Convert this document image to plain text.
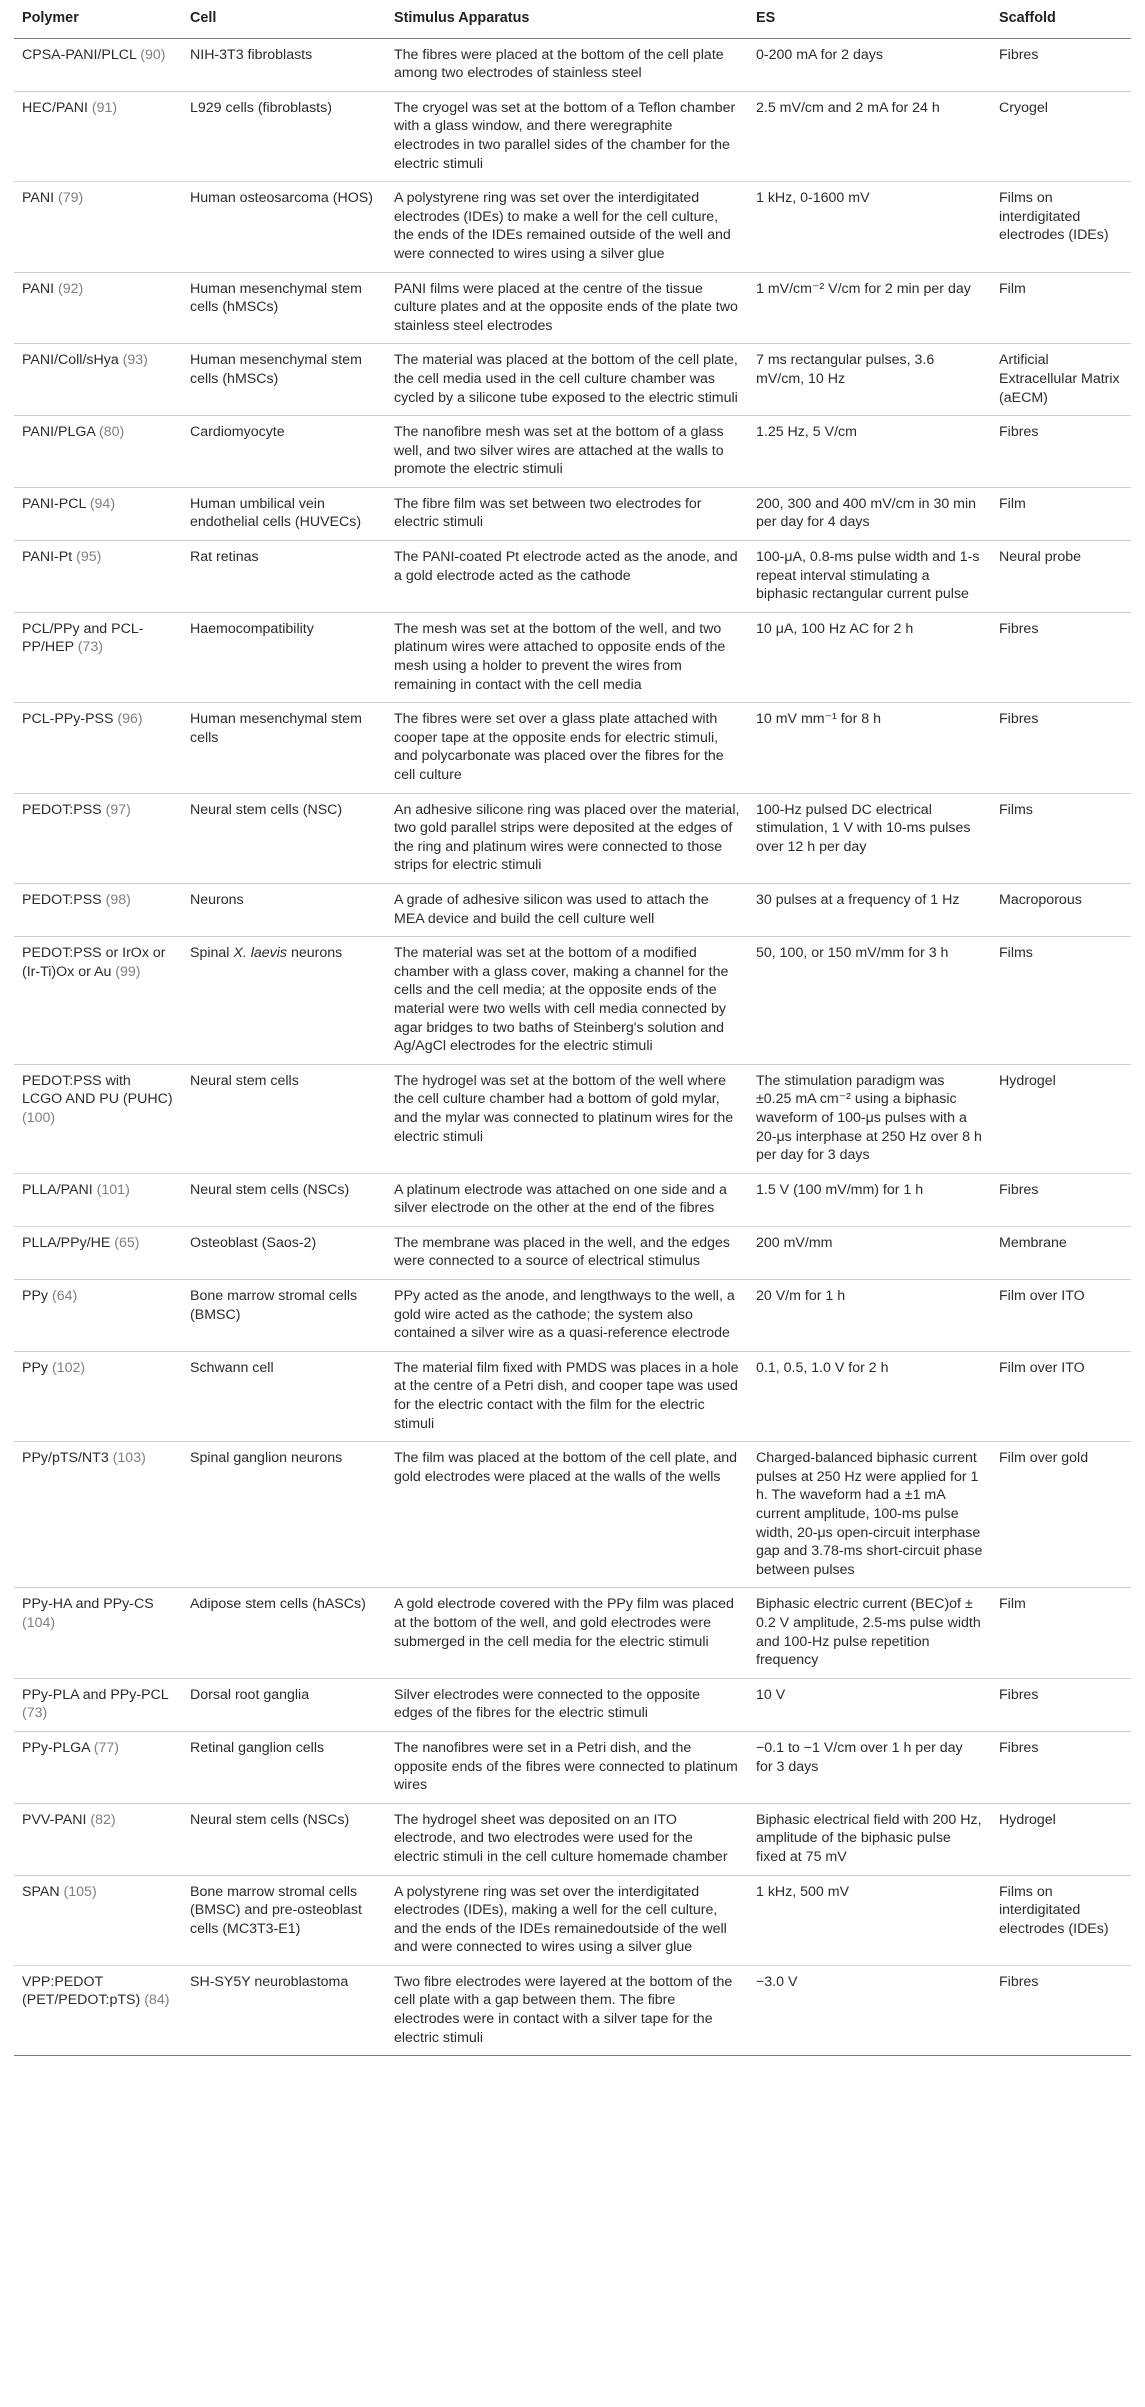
Polymer	Cell	Stimulus Apparatus	ES	Scaffold
CPSA-PANI/PLCL (90)	NIH-3T3 fibroblasts	The fibres were placed at the bottom of the cell plate among two electrodes of stainless steel	0-200 mA for 2 days	Fibres
HEC/PANI (91)	L929 cells (fibroblasts)	The cryogel was set at the bottom of a Teflon chamber with a glass window, and there weregraphite electrodes in two parallel sides of the chamber for the electric stimuli	2.5 mV/cm and 2 mA for 24 h	Cryogel
PANI (79)	Human osteosarcoma (HOS)	A polystyrene ring was set over the interdigitated electrodes (IDEs) to make a well for the cell culture, the ends of the IDEs remained outside of the well and were connected to wires using a silver glue	1 kHz, 0-1600 mV	Films on interdigitated electrodes (IDEs)
PANI (92)	Human mesenchymal stem cells (hMSCs)	PANI films were placed at the centre of the tissue culture plates and at the opposite ends of the plate two stainless steel electrodes	1 mV/cm⁻² V/cm for 2 min per day	Film
PANI/Coll/sHya (93)	Human mesenchymal stem cells (hMSCs)	The material was placed at the bottom of the cell plate, the cell media used in the cell culture chamber was cycled by a silicone tube exposed to the electric stimuli	7 ms rectangular pulses, 3.6 mV/cm, 10 Hz	Artificial Extracellular Matrix (aECM)
PANI/PLGA (80)	Cardiomyocyte	The nanofibre mesh was set at the bottom of a glass well, and two silver wires are attached at the walls to promote the electric stimuli	1.25 Hz, 5 V/cm	Fibres
PANI-PCL (94)	Human umbilical vein endothelial cells (HUVECs)	The fibre film was set between two electrodes for electric stimuli	200, 300 and 400 mV/cm in 30 min per day for 4 days	Film
PANI-Pt (95)	Rat retinas	The PANI-coated Pt electrode acted as the anode, and a gold electrode acted as the cathode	100-μA, 0.8-ms pulse width and 1-s repeat interval stimulating a biphasic rectangular current pulse	Neural probe
PCL/PPy and PCL-PP/HEP (73)	Haemocompatibility	The mesh was set at the bottom of the well, and two platinum wires were attached to opposite ends of the mesh using a holder to prevent the wires from remaining in contact with the cell media	10 μA, 100 Hz AC for 2 h	Fibres
PCL-PPy-PSS (96)	Human mesenchymal stem cells	The fibres were set over a glass plate attached with cooper tape at the opposite ends for electric stimuli, and polycarbonate was placed over the fibres for the cell culture	10 mV mm⁻¹ for 8 h	Fibres
PEDOT:PSS (97)	Neural stem cells (NSC)	An adhesive silicone ring was placed over the material, two gold parallel strips were deposited at the edges of the ring and platinum wires were connected to those strips for electric stimuli	100-Hz pulsed DC electrical stimulation, 1 V with 10-ms pulses over 12 h per day	Films
PEDOT:PSS (98)	Neurons	A grade of adhesive silicon was used to attach the MEA device and build the cell culture well	30 pulses at a frequency of 1 Hz	Macroporous
PEDOT:PSS or IrOx or (Ir-Ti)Ox or Au (99)	Spinal X. laevis neurons	The material was set at the bottom of a modified chamber with a glass cover, making a channel for the cells and the cell media; at the opposite ends of the material were two wells with cell media connected by agar bridges to two baths of Steinberg's solution and Ag/AgCl electrodes for the electric stimuli	50, 100, or 150 mV/mm for 3 h	Films
PEDOT:PSS with LCGO AND PU (PUHC) (100)	Neural stem cells	The hydrogel was set at the bottom of the well where the cell culture chamber had a bottom of gold mylar, and the mylar was connected to platinum wires for the electric stimuli	The stimulation paradigm was ±0.25 mA cm⁻² using a biphasic waveform of 100-μs pulses with a 20-μs interphase at 250 Hz over 8 h per day for 3 days	Hydrogel
PLLA/PANI (101)	Neural stem cells (NSCs)	A platinum electrode was attached on one side and a silver electrode on the other at the end of the fibres	1.5 V (100 mV/mm) for 1 h	Fibres
PLLA/PPy/HE (65)	Osteoblast (Saos-2)	The membrane was placed in the well, and the edges were connected to a source of electrical stimulus	200 mV/mm	Membrane
PPy (64)	Bone marrow stromal cells (BMSC)	PPy acted as the anode, and lengthways to the well, a gold wire acted as the cathode; the system also contained a silver wire as a quasi-reference electrode	20 V/m for 1 h	Film over ITO
PPy (102)	Schwann cell	The material film fixed with PMDS was places in a hole at the centre of a Petri dish, and cooper tape was used for the electric contact with the film for the electric stimuli	0.1, 0.5, 1.0 V for 2 h	Film over ITO
PPy/pTS/NT3 (103)	Spinal ganglion neurons	The film was placed at the bottom of the cell plate, and gold electrodes were placed at the walls of the wells	Charged-balanced biphasic current pulses at 250 Hz were applied for 1 h. The waveform had a ±1 mA current amplitude, 100-ms pulse width, 20-μs open-circuit interphase gap and 3.78-ms short-circuit phase between pulses	Film over gold
PPy-HA and PPy-CS (104)	Adipose stem cells (hASCs)	A gold electrode covered with the PPy film was placed at the bottom of the well, and gold electrodes were submerged in the cell media for the electric stimuli	Biphasic electric current (BEC)of ± 0.2 V amplitude, 2.5-ms pulse width and 100-Hz pulse repetition frequency	Film
PPy-PLA and PPy-PCL (73)	Dorsal root ganglia	Silver electrodes were connected to the opposite edges of the fibres for the electric stimuli	10 V	Fibres
PPy-PLGA (77)	Retinal ganglion cells	The nanofibres were set in a Petri dish, and the opposite ends of the fibres were connected to platinum wires	−0.1 to −1 V/cm over 1 h per day for 3 days	Fibres
PVV-PANI (82)	Neural stem cells (NSCs)	The hydrogel sheet was deposited on an ITO electrode, and two electrodes were used for the electric stimuli in the cell culture homemade chamber	Biphasic electrical field with 200 Hz, amplitude of the biphasic pulse fixed at 75 mV	Hydrogel
SPAN (105)	Bone marrow stromal cells (BMSC) and pre-osteoblast cells (MC3T3-E1)	A polystyrene ring was set over the interdigitated electrodes (IDEs), making a well for the cell culture, and the ends of the IDEs remainedoutside of the well and were connected to wires using a silver glue	1 kHz, 500 mV	Films on interdigitated electrodes (IDEs)
VPP:PEDOT (PET/PEDOT:pTS) (84)	SH-SY5Y neuroblastoma	Two fibre electrodes were layered at the bottom of the cell plate with a gap between them. The fibre electrodes were in contact with a silver tape for the electric stimuli	−3.0 V	Fibres
